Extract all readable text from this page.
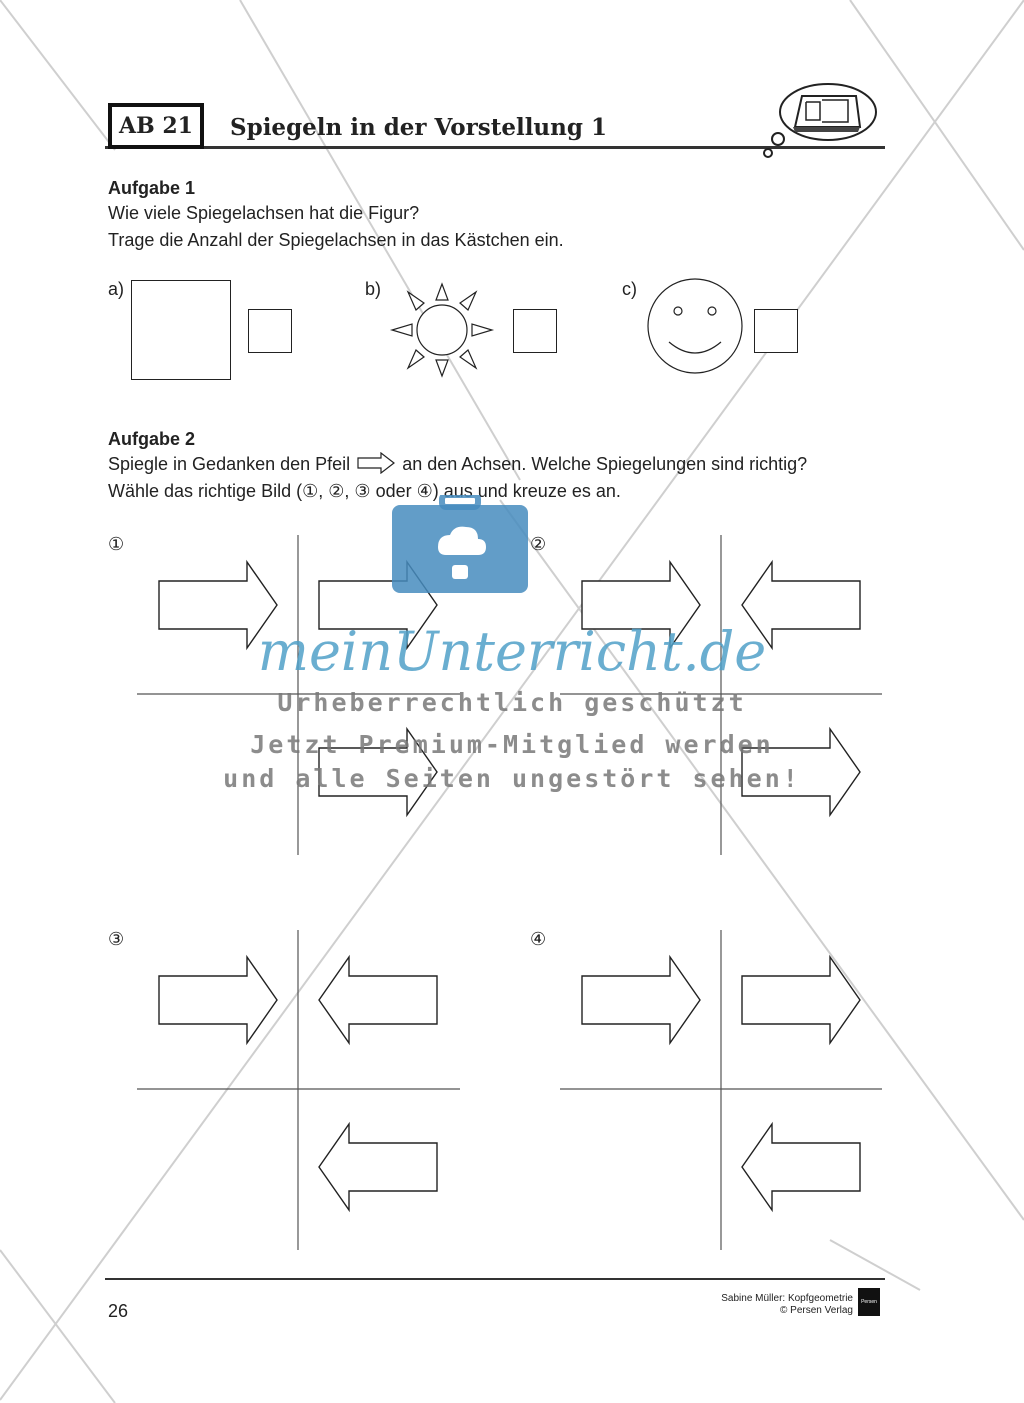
AB 21 Spiegeln in der Vorstellung 1
Aufgabe 1
Wie viele Spiegelachsen hat die Figur?
Trage die Anzahl der Spiegelachsen in das Kästchen ein.
a)	b)	c)
Aufgabe 2
Spiegle in Gedanken den Pfeil	an den Achsen. Welche Spiegelungen sind richtig?
Wähle das richtige Bild (①, ②, ③ oder ④) aus und kreuze es an.
①	②
③	④
meinUnterricht.de
Urheberrechtlich geschützt
Jetzt Premium-Mitglied werden
und alle Seiten ungestört sehen!
26
Sabine Müller: Kopfgeometrie
© Persen Verlag
Persen
